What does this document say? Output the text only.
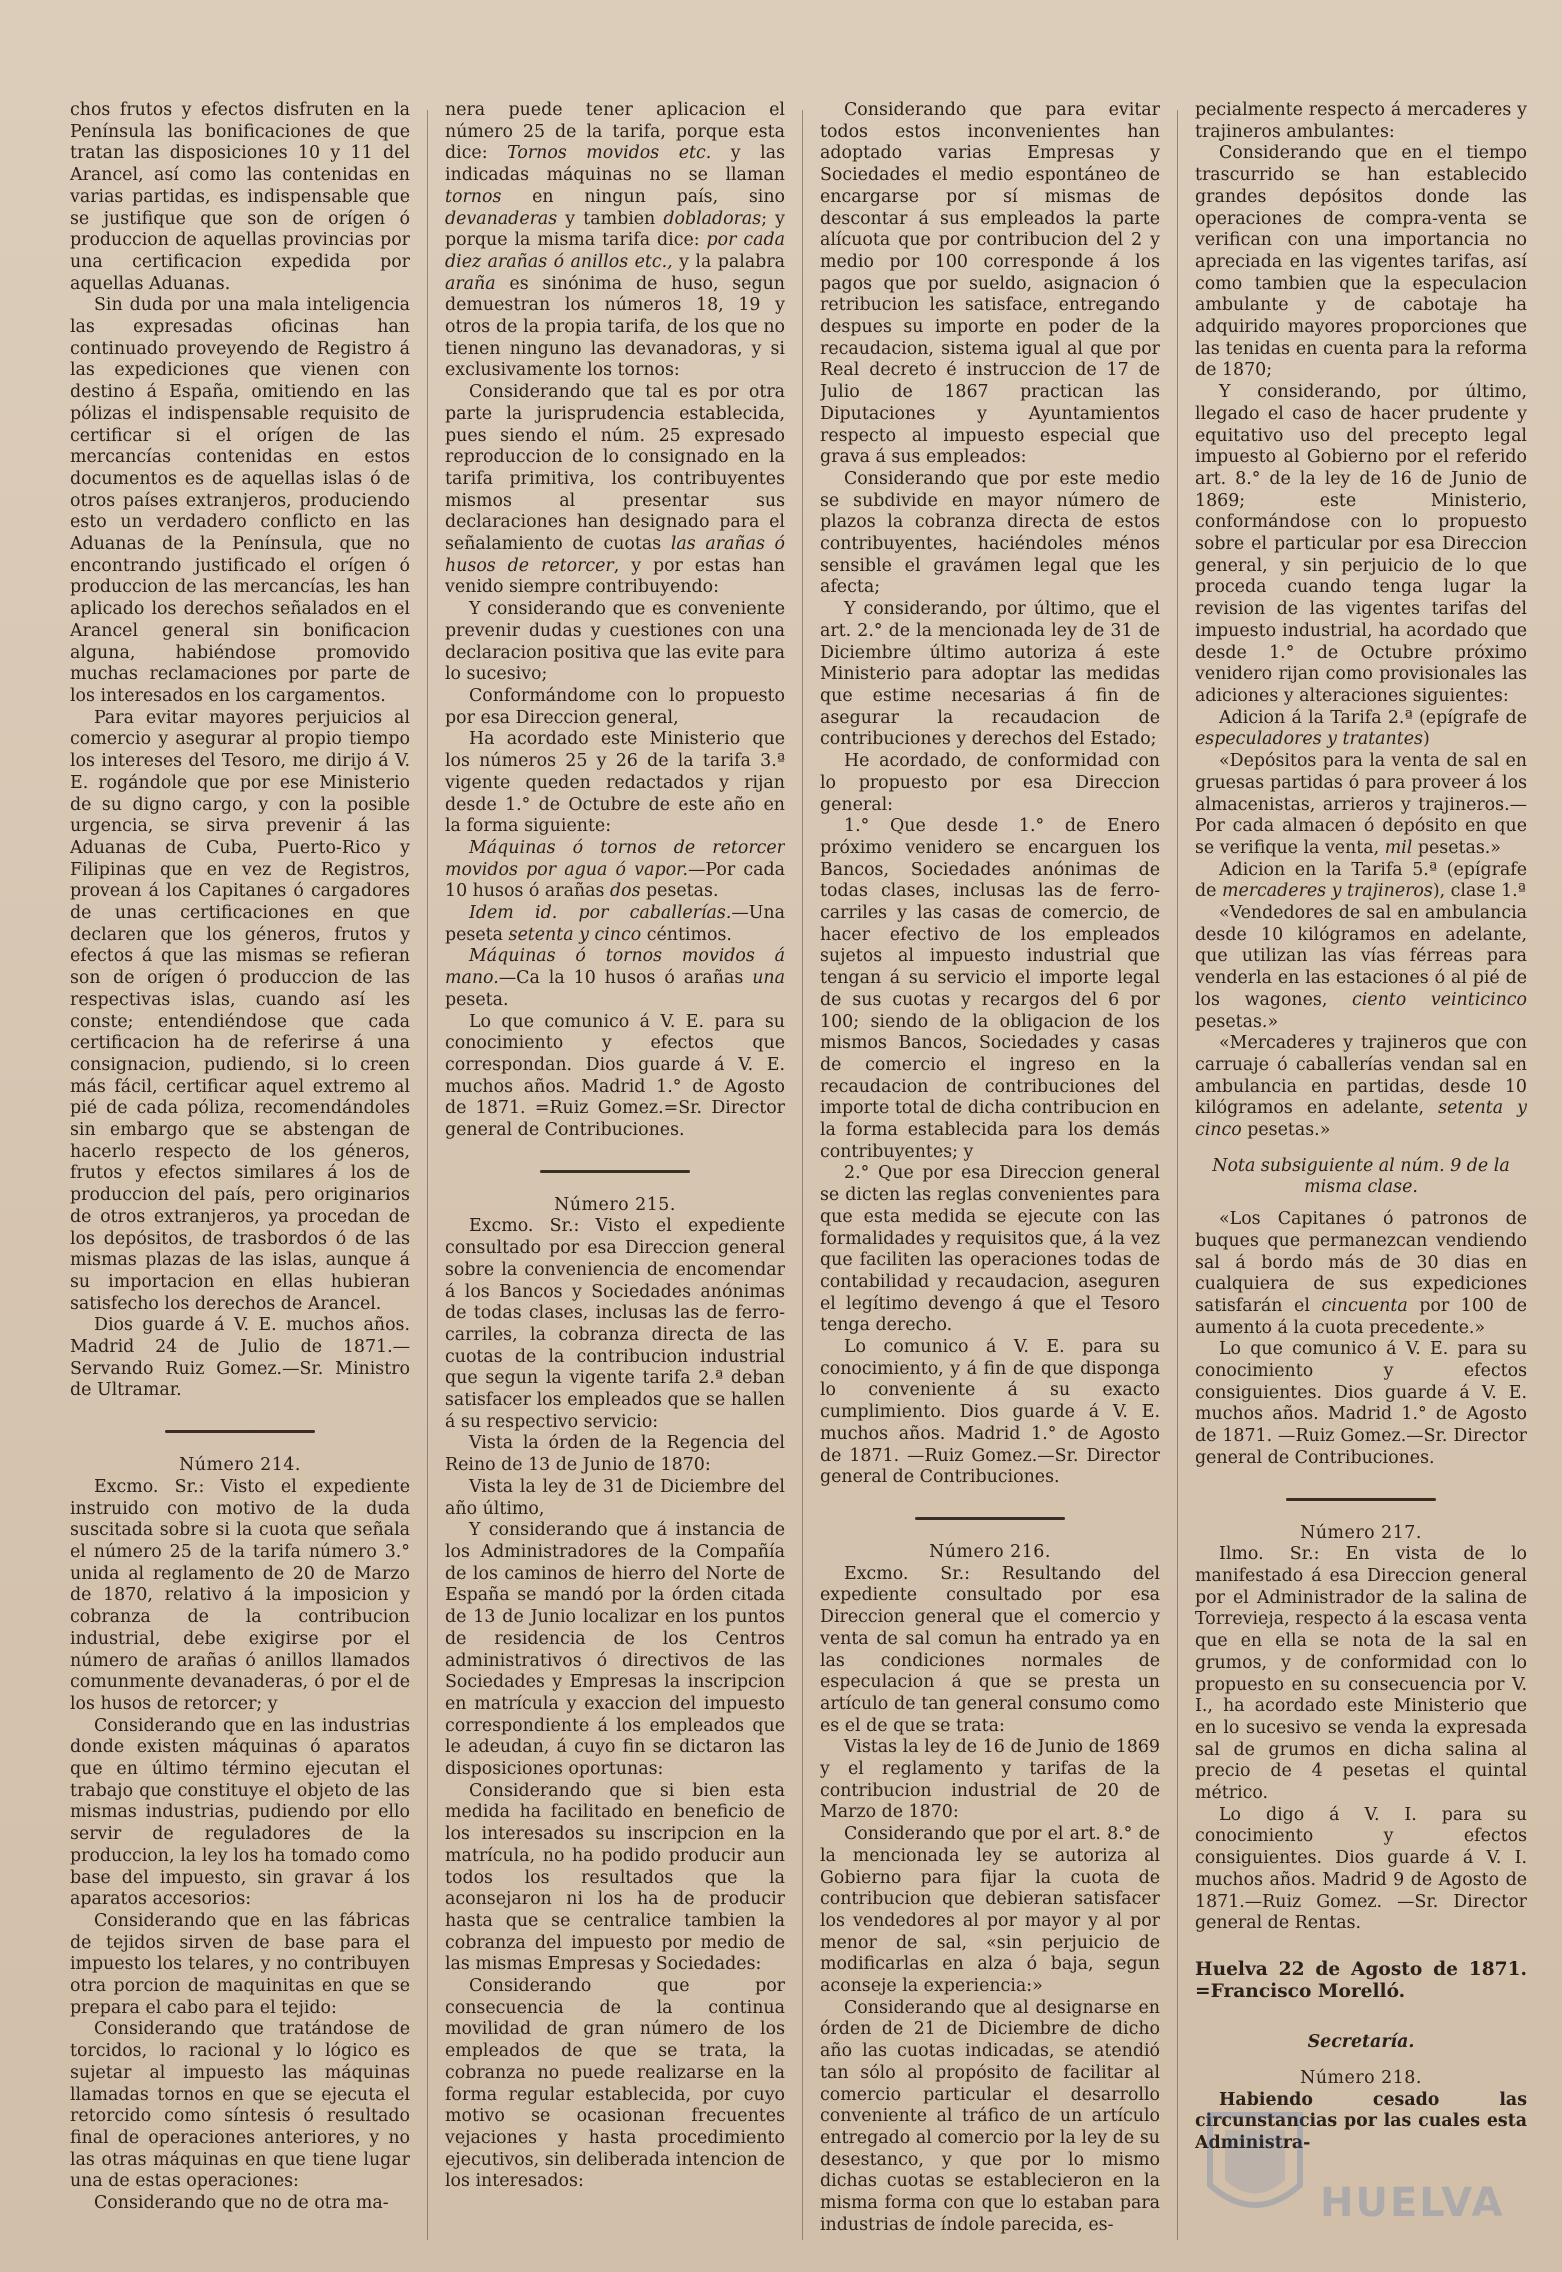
chos frutos y efectos disfruten en la Península las bonificaciones de que tratan las disposiciones 10 y 11 del Arancel, así como las contenidas en varias partidas, es indispensable que se justifique que son de orígen ó produccion de aquellas provincias por una certificacion expedida por aquellas Aduanas.

Sin duda por una mala inteligencia las expresadas oficinas han continuado proveyendo de Registro á las expediciones que vienen con destino á España, omitiendo en las pólizas el indispensable requisito de certificar si el orígen de las mercancías contenidas en estos documentos es de aquellas islas ó de otros países extranjeros, produciendo esto un verdadero conflicto en las Aduanas de la Península, que no encontrando justificado el orígen ó produccion de las mercancías, les han aplicado los derechos señalados en el Arancel general sin bonificacion alguna, habiéndose promovido muchas reclamaciones por parte de los interesados en los cargamentos.

Para evitar mayores perjuicios al comercio y asegurar al propio tiempo los intereses del Tesoro, me dirijo á V. E. rogándole que por ese Ministerio de su digno cargo, y con la posible urgencia, se sirva prevenir á las Aduanas de Cuba, Puerto-Rico y Filipinas que en vez de Registros, provean á los Capitanes ó cargadores de unas certificaciones en que declaren que los géneros, frutos y efectos á que las mismas se refieran son de orígen ó produccion de las respectivas islas, cuando así les conste; entendiéndose que cada certificacion ha de referirse á una consignacion, pudiendo, si lo creen más fácil, certificar aquel extremo al pié de cada póliza, recomendándoles sin embargo que se abstengan de hacerlo respecto de los géneros, frutos y efectos similares á los de produccion del país, pero originarios de otros extranjeros, ya procedan de los depósitos, de trasbordos ó de las mismas plazas de las islas, aunque á su importacion en ellas hubieran satisfecho los derechos de Arancel.

Dios guarde á V. E. muchos años. Madrid 24 de Julio de 1871.—Servando Ruiz Gomez.—Sr. Ministro de Ultramar.

Número 214.

Excmo. Sr.: Visto el expediente instruido con motivo de la duda suscitada sobre si la cuota que señala el número 25 de la tarifa número 3.° unida al reglamento de 20 de Marzo de 1870, relativo á la imposicion y cobranza de la contribucion industrial, debe exigirse por el número de arañas ó anillos llamados comunmente devanaderas, ó por el de los husos de retorcer; y

Considerando que en las industrias donde existen máquinas ó aparatos que en último término ejecutan el trabajo que constituye el objeto de las mismas industrias, pudiendo por ello servir de reguladores de la produccion, la ley los ha tomado como base del impuesto, sin gravar á los aparatos accesorios:

Considerando que en las fábricas de tejidos sirven de base para el impuesto los telares, y no contribuyen otra porcion de maquinitas en que se prepara el cabo para el tejido:

Considerando que tratándose de torcidos, lo racional y lo lógico es sujetar al impuesto las máquinas llamadas tornos en que se ejecuta el retorcido como síntesis ó resultado final de operaciones anteriores, y no las otras máquinas en que tiene lugar una de estas operaciones:

Considerando que no de otra ma-

nera puede tener aplicacion el número 25 de la tarifa, porque esta dice: Tornos movidos etc. y las indicadas máquinas no se llaman tornos en ningun país, sino devanaderas y tambien dobladoras; y porque la misma tarifa dice: por cada diez arañas ó anillos etc., y la palabra araña es sinónima de huso, segun demuestran los números 18, 19 y otros de la propia tarifa, de los que no tienen ninguno las devanadoras, y si exclusivamente los tornos:

Considerando que tal es por otra parte la jurisprudencia establecida, pues siendo el núm. 25 expresado reproduccion de lo consignado en la tarifa primitiva, los contribuyentes mismos al presentar sus declaraciones han designado para el señalamiento de cuotas las arañas ó husos de retorcer, y por estas han venido siempre contribuyendo:

Y considerando que es conveniente prevenir dudas y cuestiones con una declaracion positiva que las evite para lo sucesivo;

Conformándome con lo propuesto por esa Direccion general,

Ha acordado este Ministerio que los números 25 y 26 de la tarifa 3.ª vigente queden redactados y rijan desde 1.° de Octubre de este año en la forma siguiente:

Máquinas ó tornos de retorcer movidos por agua ó vapor.—Por cada 10 husos ó arañas dos pesetas.

Idem id. por caballerías.—Una peseta setenta y cinco céntimos.

Máquinas ó tornos movidos á mano.—Ca la 10 husos ó arañas una peseta.

Lo que comunico á V. E. para su conocimiento y efectos que correspondan. Dios guarde á V. E. muchos años. Madrid 1.° de Agosto de 1871. =Ruiz Gomez.=Sr. Director general de Contribuciones.

Número 215.

Excmo. Sr.: Visto el expediente consultado por esa Direccion general sobre la conveniencia de encomendar á los Bancos y Sociedades anónimas de todas clases, inclusas las de ferro-carriles, la cobranza directa de las cuotas de la contribucion industrial que segun la vigente tarifa 2.ª deban satisfacer los empleados que se hallen á su respectivo servicio:

Vista la órden de la Regencia del Reino de 13 de Junio de 1870:

Vista la ley de 31 de Diciembre del año último,

Y considerando que á instancia de los Administradores de la Compañía de los caminos de hierro del Norte de España se mandó por la órden citada de 13 de Junio localizar en los puntos de residencia de los Centros administrativos ó directivos de las Sociedades y Empresas la inscripcion en matrícula y exaccion del impuesto correspondiente á los empleados que le adeudan, á cuyo fin se dictaron las disposiciones oportunas:

Considerando que si bien esta medida ha facilitado en beneficio de los interesados su inscripcion en la matrícula, no ha podido producir aun todos los resultados que la aconsejaron ni los ha de producir hasta que se centralice tambien la cobranza del impuesto por medio de las mismas Empresas y Sociedades:

Considerando que por consecuencia de la continua movilidad de gran número de los empleados de que se trata, la cobranza no puede realizarse en la forma regular establecida, por cuyo motivo se ocasionan frecuentes vejaciones y hasta procedimiento ejecutivos, sin deliberada intencion de los interesados:

Considerando que para evitar todos estos inconvenientes han adoptado varias Empresas y Sociedades el medio espontáneo de encargarse por sí mismas de descontar á sus empleados la parte alícuota que por contribucion del 2 y medio por 100 corresponde á los pagos que por sueldo, asignacion ó retribucion les satisface, entregando despues su importe en poder de la recaudacion, sistema igual al que por Real decreto é instruccion de 17 de Julio de 1867 practican las Diputaciones y Ayuntamientos respecto al impuesto especial que grava á sus empleados:

Considerando que por este medio se subdivide en mayor número de plazos la cobranza directa de estos contribuyentes, haciéndoles ménos sensible el gravámen legal que les afecta;

Y considerando, por último, que el art. 2.° de la mencionada ley de 31 de Diciembre último autoriza á este Ministerio para adoptar las medidas que estime necesarias á fin de asegurar la recaudacion de contribuciones y derechos del Estado;

He acordado, de conformidad con lo propuesto por esa Direccion general:

1.° Que desde 1.° de Enero próximo venidero se encarguen los Bancos, Sociedades anónimas de todas clases, inclusas las de ferro-carriles y las casas de comercio, de hacer efectivo de los empleados sujetos al impuesto industrial que tengan á su servicio el importe legal de sus cuotas y recargos del 6 por 100; siendo de la obligacion de los mismos Bancos, Sociedades y casas de comercio el ingreso en la recaudacion de contribuciones del importe total de dicha contribucion en la forma establecida para los demás contribuyentes; y

2.° Que por esa Direccion general se dicten las reglas convenientes para que esta medida se ejecute con las formalidades y requisitos que, á la vez que faciliten las operaciones todas de contabilidad y recaudacion, aseguren el legítimo devengo á que el Tesoro tenga derecho.

Lo comunico á V. E. para su conocimiento, y á fin de que disponga lo conveniente á su exacto cumplimiento. Dios guarde á V. E. muchos años. Madrid 1.° de Agosto de 1871. —Ruiz Gomez.—Sr. Director general de Contribuciones.

Número 216.

Excmo. Sr.: Resultando del expediente consultado por esa Direccion general que el comercio y venta de sal comun ha entrado ya en las condiciones normales de especulacion á que se presta un artículo de tan general consumo como es el de que se trata:

Vistas la ley de 16 de Junio de 1869 y el reglamento y tarifas de la contribucion industrial de 20 de Marzo de 1870:

Considerando que por el art. 8.° de la mencionada ley se autoriza al Gobierno para fijar la cuota de contribucion que debieran satisfacer los vendedores al por mayor y al por menor de sal, «sin perjuicio de modificarlas en alza ó baja, segun aconseje la experiencia:»

Considerando que al designarse en órden de 21 de Diciembre de dicho año las cuotas indicadas, se atendió tan sólo al propósito de facilitar al comercio particular el desarrollo conveniente al tráfico de un artículo entregado al comercio por la ley de su desestanco, y que por lo mismo dichas cuotas se establecieron en la misma forma con que lo estaban para industrias de índole parecida, es-

pecialmente respecto á mercaderes y trajineros ambulantes:

Considerando que en el tiempo trascurrido se han establecido grandes depósitos donde las operaciones de compra-venta se verifican con una importancia no apreciada en las vigentes tarifas, así como tambien que la especulacion ambulante y de cabotaje ha adquirido mayores proporciones que las tenidas en cuenta para la reforma de 1870;

Y considerando, por último, llegado el caso de hacer prudente y equitativo uso del precepto legal impuesto al Gobierno por el referido art. 8.° de la ley de 16 de Junio de 1869; este Ministerio, conformándose con lo propuesto sobre el particular por esa Direccion general, y sin perjuicio de lo que proceda cuando tenga lugar la revision de las vigentes tarifas del impuesto industrial, ha acordado que desde 1.° de Octubre próximo venidero rijan como provisionales las adiciones y alteraciones siguientes:

Adicion á la Tarifa 2.ª (epígrafe de especuladores y tratantes)

«Depósitos para la venta de sal en gruesas partidas ó para proveer á los almacenistas, arrieros y trajineros.—Por cada almacen ó depósito en que se verifique la venta, mil pesetas.»

Adicion en la Tarifa 5.ª (epígrafe de mercaderes y trajineros), clase 1.ª

«Vendedores de sal en ambulancia desde 10 kilógramos en adelante, que utilizan las vías férreas para venderla en las estaciones ó al pié de los wagones, ciento veinticinco pesetas.»

«Mercaderes y trajineros que con carruaje ó caballerías vendan sal en ambulancia en partidas, desde 10 kilógramos en adelante, setenta y cinco pesetas.»

Nota subsiguiente al núm. 9 de la misma clase.

«Los Capitanes ó patronos de buques que permanezcan vendiendo sal á bordo más de 30 dias en cualquiera de sus expediciones satisfarán el cincuenta por 100 de aumento á la cuota precedente.»

Lo que comunico á V. E. para su conocimiento y efectos consiguientes. Dios guarde á V. E. muchos años. Madrid 1.° de Agosto de 1871. —Ruiz Gomez.—Sr. Director general de Contribuciones.

Número 217.

Ilmo. Sr.: En vista de lo manifestado á esa Direccion general por el Administrador de la salina de Torrevieja, respecto á la escasa venta que en ella se nota de la sal en grumos, y de conformidad con lo propuesto en su consecuencia por V. I., ha acordado este Ministerio que en lo sucesivo se venda la expresada sal de grumos en dicha salina al precio de 4 pesetas el quintal métrico.

Lo digo á V. I. para su conocimiento y efectos consiguientes. Dios guarde á V. I. muchos años. Madrid 9 de Agosto de 1871.—Ruiz Gomez. —Sr. Director general de Rentas.

Huelva 22 de Agosto de 1871. =Francisco Morelló.

Secretaría.

Número 218.

Habiendo cesado las circunstancias por las cuales esta Administra-

HUELVA
